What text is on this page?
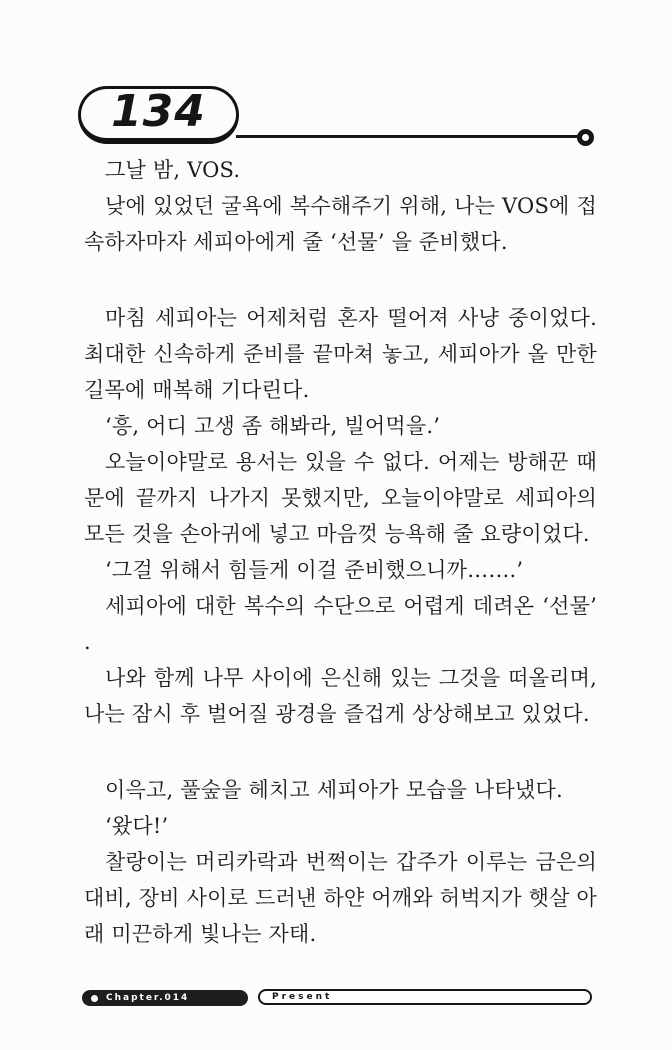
134

그날 밤, VOS.

낮에 있었던 굴욕에 복수해주기 위해, 나는 VOS에 접속하자마자 세피아에게 줄 ‘선물’ 을 준비했다.

마침 세피아는 어제처럼 혼자 떨어져 사냥 중이었다. 최대한 신속하게 준비를 끝마쳐 놓고, 세피아가 올 만한 길목에 매복해 기다린다.

‘흥, 어디 고생 좀 해봐라, 빌어먹을.’

오늘이야말로 용서는 있을 수 없다. 어제는 방해꾼 때문에 끝까지 나가지 못했지만, 오늘이야말로 세피아의 모든 것을 손아귀에 넣고 마음껏 능욕해 줄 요량이었다.

‘그걸 위해서 힘들게 이걸 준비했으니까…….’

세피아에 대한 복수의 수단으로 어렵게 데려온 ‘선물’ .

나와 함께 나무 사이에 은신해 있는 그것을 떠올리며, 나는 잠시 후 벌어질 광경을 즐겁게 상상해보고 있었다.

이윽고, 풀숲을 헤치고 세피아가 모습을 나타냈다.

‘왔다!’

찰랑이는 머리카락과 번쩍이는 갑주가 이루는 금은의 대비, 장비 사이로 드러낸 하얀 어깨와 허벅지가 햇살 아래 미끈하게 빛나는 자태.

Chapter.014	Present
